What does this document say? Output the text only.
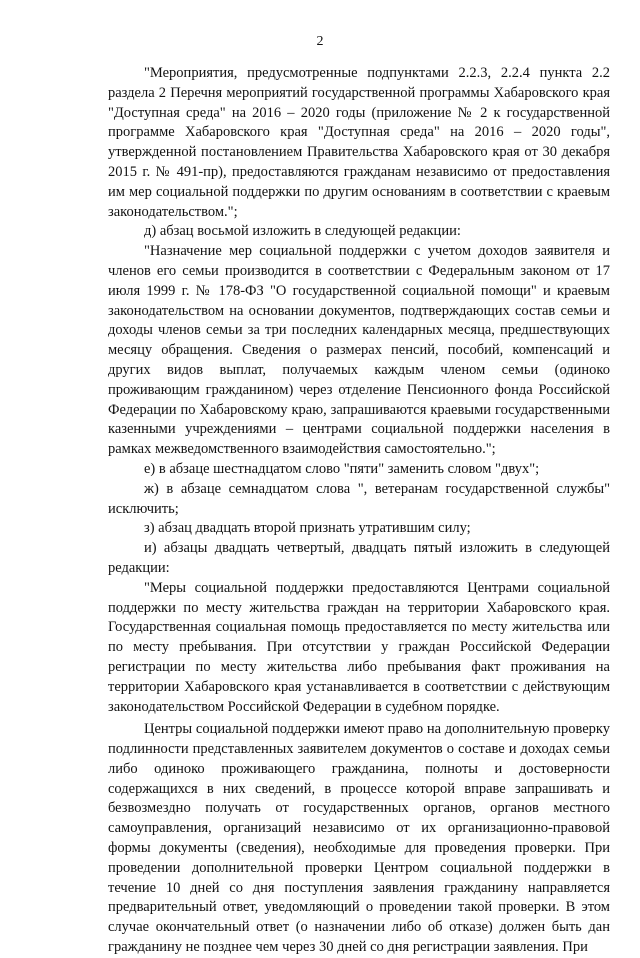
2

"Мероприятия, предусмотренные подпунктами 2.2.3, 2.2.4 пункта 2.2 раздела 2 Перечня мероприятий государственной программы Хабаровского края "Доступная среда" на 2016 – 2020 годы (приложение № 2 к государственной программе Хабаровского края "Доступная среда" на 2016 – 2020 годы", утвержденной постановлением Правительства Хабаровского края от 30 декабря 2015 г. № 491-пр), предоставляются гражданам независимо от предоставления им мер социальной поддержки по другим основаниям в соответствии с краевым законодательством.";

д) абзац восьмой изложить в следующей редакции:

"Назначение мер социальной поддержки с учетом доходов заявителя и членов его семьи производится в соответствии с Федеральным законом от 17 июля 1999 г. № 178-ФЗ "О государственной социальной помощи" и краевым законодательством на основании документов, подтверждающих состав семьи и доходы членов семьи за три последних календарных месяца, предшествующих месяцу обращения. Сведения о размерах пенсий, пособий, компенсаций и других видов выплат, получаемых каждым членом семьи (одиноко проживающим гражданином) через отделение Пенсионного фонда Российской Федерации по Хабаровскому краю, запрашиваются краевыми государственными казенными учреждениями – центрами социальной поддержки населения в рамках межведомственного взаимодействия самостоятельно.";

е) в абзаце шестнадцатом слово "пяти" заменить словом "двух";

ж) в абзаце семнадцатом слова ", ветеранам государственной службы" исключить;

з) абзац двадцать второй признать утратившим силу;

и) абзацы двадцать четвертый, двадцать пятый изложить в следующей редакции:

"Меры социальной поддержки предоставляются Центрами социальной поддержки по месту жительства граждан на территории Хабаровского края. Государственная социальная помощь предоставляется по месту жительства или по месту пребывания. При отсутствии у граждан Российской Федерации регистрации по месту жительства либо пребывания факт проживания на территории Хабаровского края устанавливается в соответствии с действующим законодательством Российской Федерации в судебном порядке.

Центры социальной поддержки имеют право на дополнительную проверку подлинности представленных заявителем документов о составе и доходах семьи либо одиноко проживающего гражданина, полноты и достоверности содержащихся в них сведений, в процессе которой вправе запрашивать и безвозмездно получать от государственных органов, органов местного самоуправления, организаций независимо от их организационно-правовой формы документы (сведения), необходимые для проведения проверки. При проведении дополнительной проверки Центром социальной поддержки в течение 10 дней со дня поступления заявления гражданину направляется предварительный ответ, уведомляющий о проведении такой проверки. В этом случае окончательный ответ (о назначении либо об отказе) должен быть дан гражданину не позднее чем через 30 дней со дня регистрации заявления. При
